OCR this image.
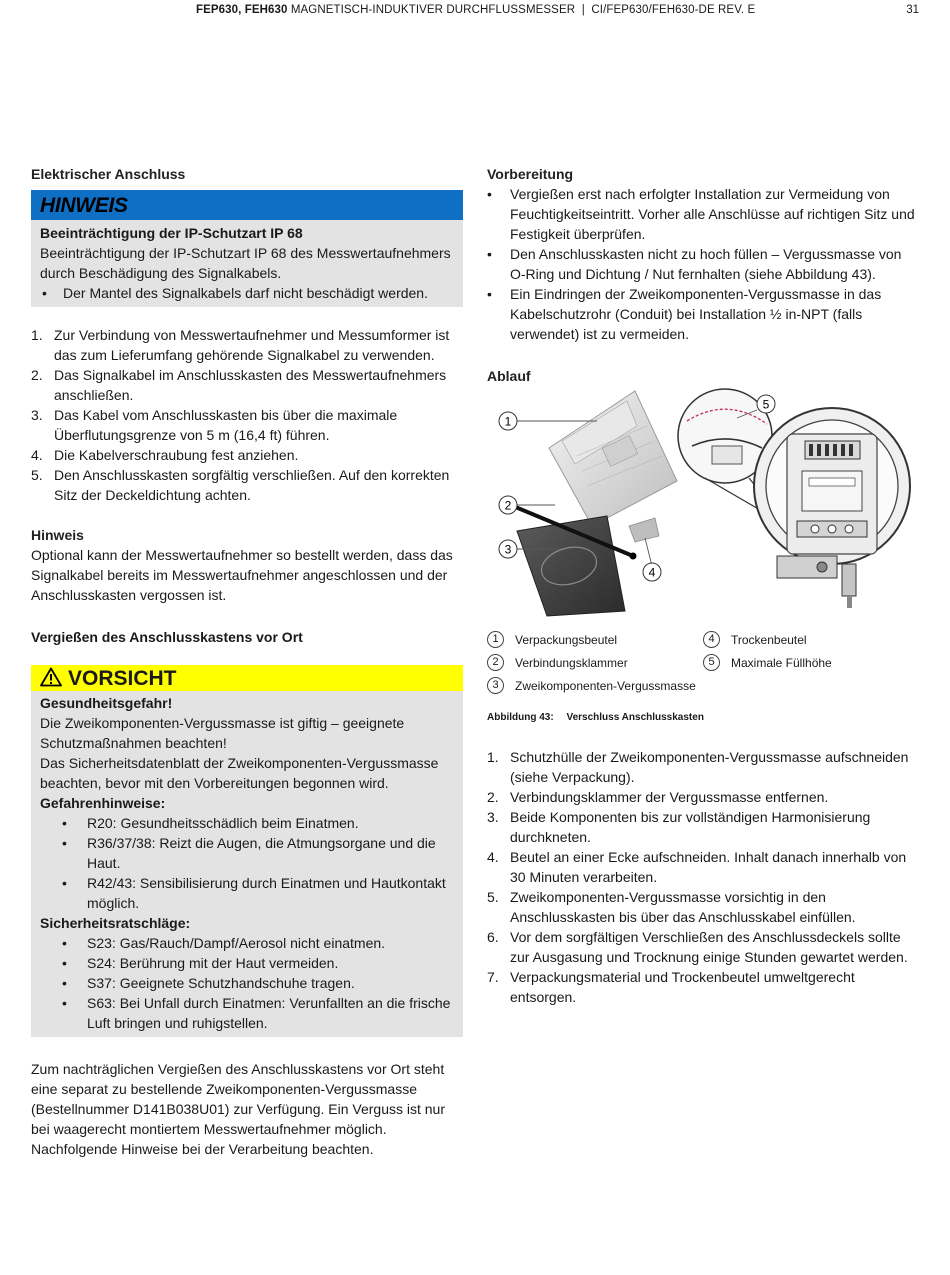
FEP630, FEH630 MAGNETISCH-INDUKTIVER DURCHFLUSSMESSER  |  CI/FEP630/FEH630-DE REV. E	31
Elektrischer Anschluss
HINWEIS
Beeinträchtigung der IP-Schutzart IP 68
Beeinträchtigung der IP-Schutzart IP 68 des Messwertaufnehmers durch Beschädigung des Signalkabels.
• Der Mantel des Signalkabels darf nicht beschädigt werden.
1. Zur Verbindung von Messwertaufnehmer und Messumformer ist das zum Lieferumfang gehörende Signalkabel zu verwenden.
2. Das Signalkabel im Anschlusskasten des Messwertaufnehmers anschließen.
3. Das Kabel vom Anschlusskasten bis über die maximale Überflutungsgrenze von 5 m (16,4 ft) führen.
4. Die Kabelverschraubung fest anziehen.
5. Den Anschlusskasten sorgfältig verschließen. Auf den korrekten Sitz der Deckeldichtung achten.
Hinweis
Optional kann der Messwertaufnehmer so bestellt werden, dass das Signalkabel bereits im Messwertaufnehmer angeschlossen und der Anschlusskasten vergossen ist.
Vergießen des Anschlusskastens vor Ort
VORSICHT
Gesundheitsgefahr!
Die Zweikomponenten-Vergussmasse ist giftig – geeignete Schutzmaßnahmen beachten!
Das Sicherheitsdatenblatt der Zweikomponenten-Vergussmasse beachten, bevor mit den Vorbereitungen begonnen wird.
Gefahrenhinweise:
• R20: Gesundheitsschädlich beim Einatmen.
• R36/37/38: Reizt die Augen, die Atmungsorgane und die Haut.
• R42/43: Sensibilisierung durch Einatmen und Hautkontakt möglich.
Sicherheitsratschläge:
• S23: Gas/Rauch/Dampf/Aerosol nicht einatmen.
• S24: Berührung mit der Haut vermeiden.
• S37: Geeignete Schutzhandschuhe tragen.
• S63: Bei Unfall durch Einatmen: Verunfallten an die frische Luft bringen und ruhigstellen.
Zum nachträglichen Vergießen des Anschlusskastens vor Ort steht eine separat zu bestellende Zweikomponenten-Vergussmasse (Bestellnummer D141B038U01) zur Verfügung. Ein Verguss ist nur bei waagerecht montiertem Messwertaufnehmer möglich. Nachfolgende Hinweise bei der Verarbeitung beachten.
Vorbereitung
• Vergießen erst nach erfolgter Installation zur Vermeidung von Feuchtigkeitseintritt. Vorher alle Anschlüsse auf richtigen Sitz und Festigkeit überprüfen.
• Den Anschlusskasten nicht zu hoch füllen – Vergussmasse von O-Ring und Dichtung / Nut fernhalten (siehe Abbildung 43).
• Ein Eindringen der Zweikomponenten-Vergussmasse in das Kabelschutzrohr (Conduit) bei Installation ½ in-NPT (falls verwendet) ist zu vermeiden.
Ablauf
1
2
3
4
5
1	Verpackungsbeutel
2	Verbindungsklammer
3	Zweikomponenten-Vergussmasse
4	Trockenbeutel
5	Maximale Füllhöhe
Abbildung 43: Verschluss Anschlusskasten
1. Schutzhülle der Zweikomponenten-Vergussmasse aufschneiden (siehe Verpackung).
2. Verbindungsklammer der Vergussmasse entfernen.
3. Beide Komponenten bis zur vollständigen Harmonisierung durchkneten.
4. Beutel an einer Ecke aufschneiden. Inhalt danach innerhalb von 30 Minuten verarbeiten.
5. Zweikomponenten-Vergussmasse vorsichtig in den Anschlusskasten bis über das Anschlusskabel einfüllen.
6. Vor dem sorgfältigen Verschließen des Anschlussdeckels sollte zur Ausgasung und Trocknung einige Stunden gewartet werden.
7. Verpackungsmaterial und Trockenbeutel umweltgerecht entsorgen.
